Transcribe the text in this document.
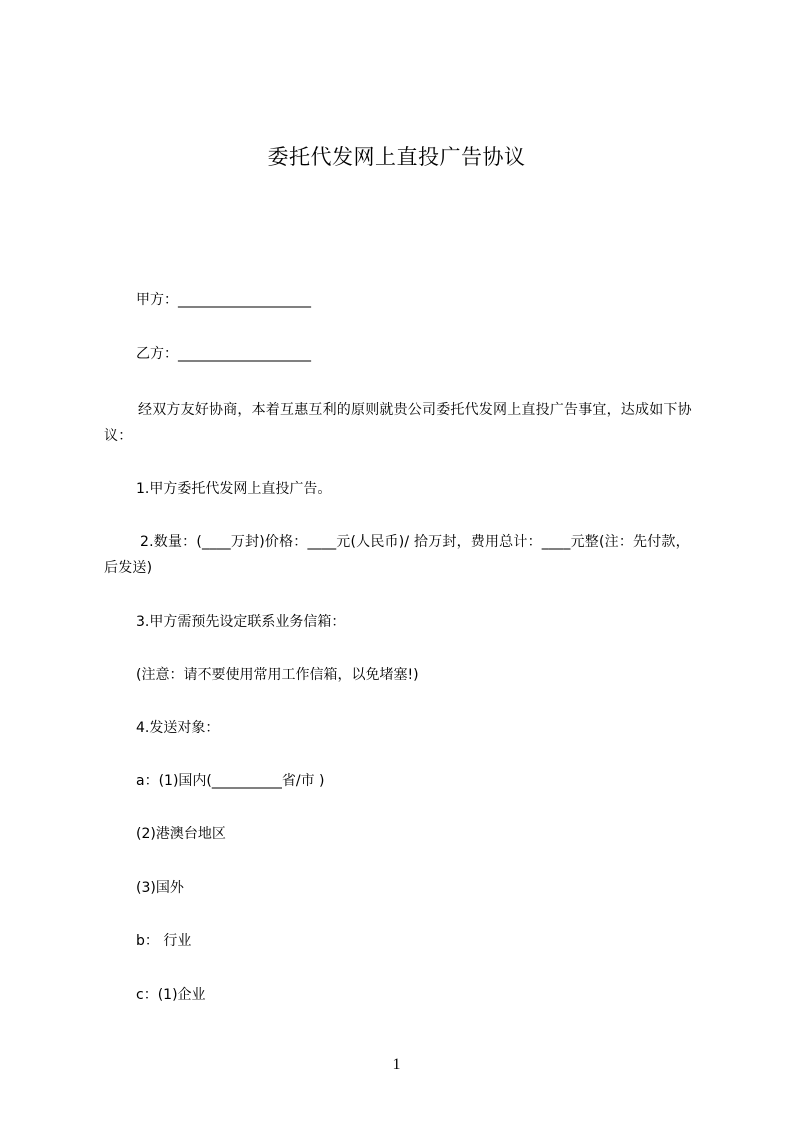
委托代发网上直投广告协议
甲方：___________________
乙方：___________________
经双方友好协商，本着互惠互利的原则就贵公司委托代发网上直投广告事宜，达成如下协议：
1.甲方委托代发网上直投广告。
2.数量：(____万封)价格：____元(人民币)/ 拾万封，费用总计：____元整(注：先付款，后发送)
3.甲方需预先设定联系业务信箱：
(注意：请不要使用常用工作信箱，以免堵塞!)
4.发送对象：
a：(1)国内(__________省/市 )
(2)港澳台地区
(3)国外
b： 行业
c：(1)企业
1
